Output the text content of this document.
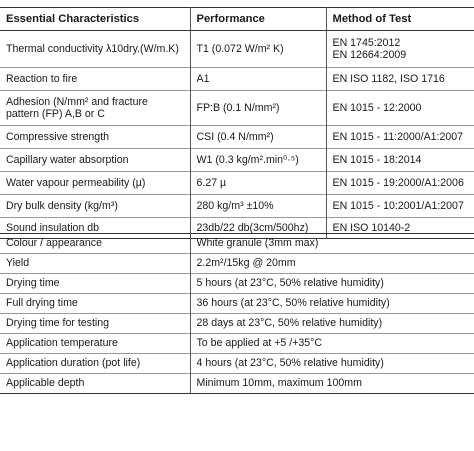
Essential Characteristics	Performance	Method of Test

Thermal conductivity λ10dry.(W/m.K)	T1 (0.072 W/m² K)	EN 1745:2012
EN 12664:2009

Reaction to fire	A1	EN ISO 1182, ISO 1716

Adhesion (N/mm² and fracture
pattern (FP) A,B or C	FP:B (0.1 N/mm²)	EN 1015 - 12:2000

Compressive strength	CSI (0.4 N/mm²)	EN 1015 - 11:2000/A1:2007

Capillary water absorption	W1 (0.3 kg/m².min⁰·⁵)	EN 1015 - 18:2014

Water vapour permeability (µ)	6.27 µ	EN 1015 - 19:2000/A1:2006

Dry bulk density (kg/m³)	280 kg/m³ ±10%	EN 1015 - 10:2001/A1:2007

Sound insulation db	23db/22 db(3cm/500hz)	EN ISO 10140-2
Colour / appearance	White granule (3mm max)
Yield	2.2m²/15kg @ 20mm
Drying time	5 hours (at 23°C, 50% relative humidity)
Full drying time	36 hours (at 23°C, 50% relative humidity)
Drying time for testing	28 days at 23°C, 50% relative humidity)
Application temperature	To be applied at +5 /+35°C
Application duration (pot life)	4 hours (at 23°C, 50% relative humidity)
Applicable depth	Minimum 10mm, maximum 100mm
